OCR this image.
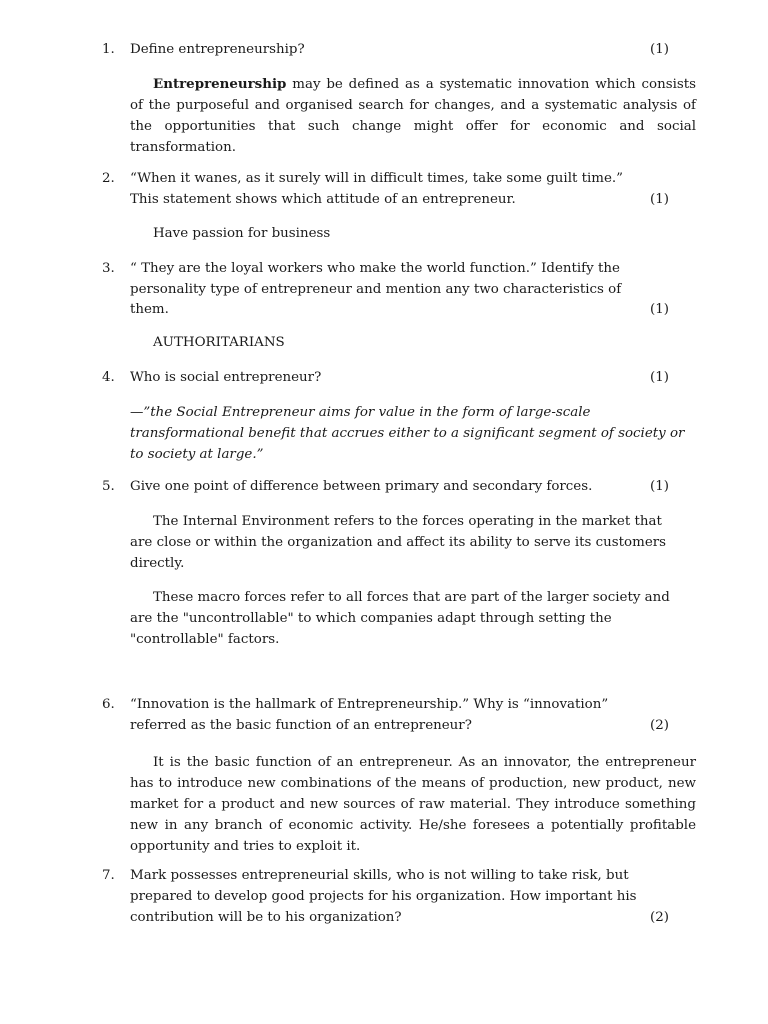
1. Define entrepreneurship?	(1)
Entrepreneurship may be defined as a systematic innovation which consists of the purposeful and organised search for changes, and a systematic analysis of the opportunities that such change might offer for economic and social transformation.
2. “When it wanes, as it surely will in difficult times, take some guilt time.”
This statement shows which attitude of an entrepreneur.	(1)
Have passion for business
3. “ They are the loyal workers who make the world function.” Identify the
personality type of entrepreneur and mention any two characteristics of
them.	(1)
AUTHORITARIANS
4. Who is social entrepreneur?	(1)
—”the Social Entrepreneur aims for value in the form of large-scale transformational benefit that accrues either to a significant segment of society or to society at large.”
5. Give one point of difference between primary and secondary forces.	(1)
The Internal Environment refers to the forces operating in the market that are close or within the organization and affect its ability to serve its customers directly.
These macro forces refer to all forces that are part of the larger society and are the "uncontrollable" to which companies adapt through setting the "controllable" factors.
6. “Innovation is the hallmark of Entrepreneurship.” Why is “innovation”
referred as the basic function of an entrepreneur?	(2)
It is the basic function of an entrepreneur. As an innovator, the entrepreneur has to introduce new combinations of the means of production, new product, new market for a product and new sources of raw material. They introduce something new in any branch of economic activity. He/she foresees a potentially profitable opportunity and tries to exploit it.
7. Mark possesses entrepreneurial skills, who is not willing to take risk, but
prepared to develop good projects for his organization. How important his
contribution will be to his organization?	(2)
